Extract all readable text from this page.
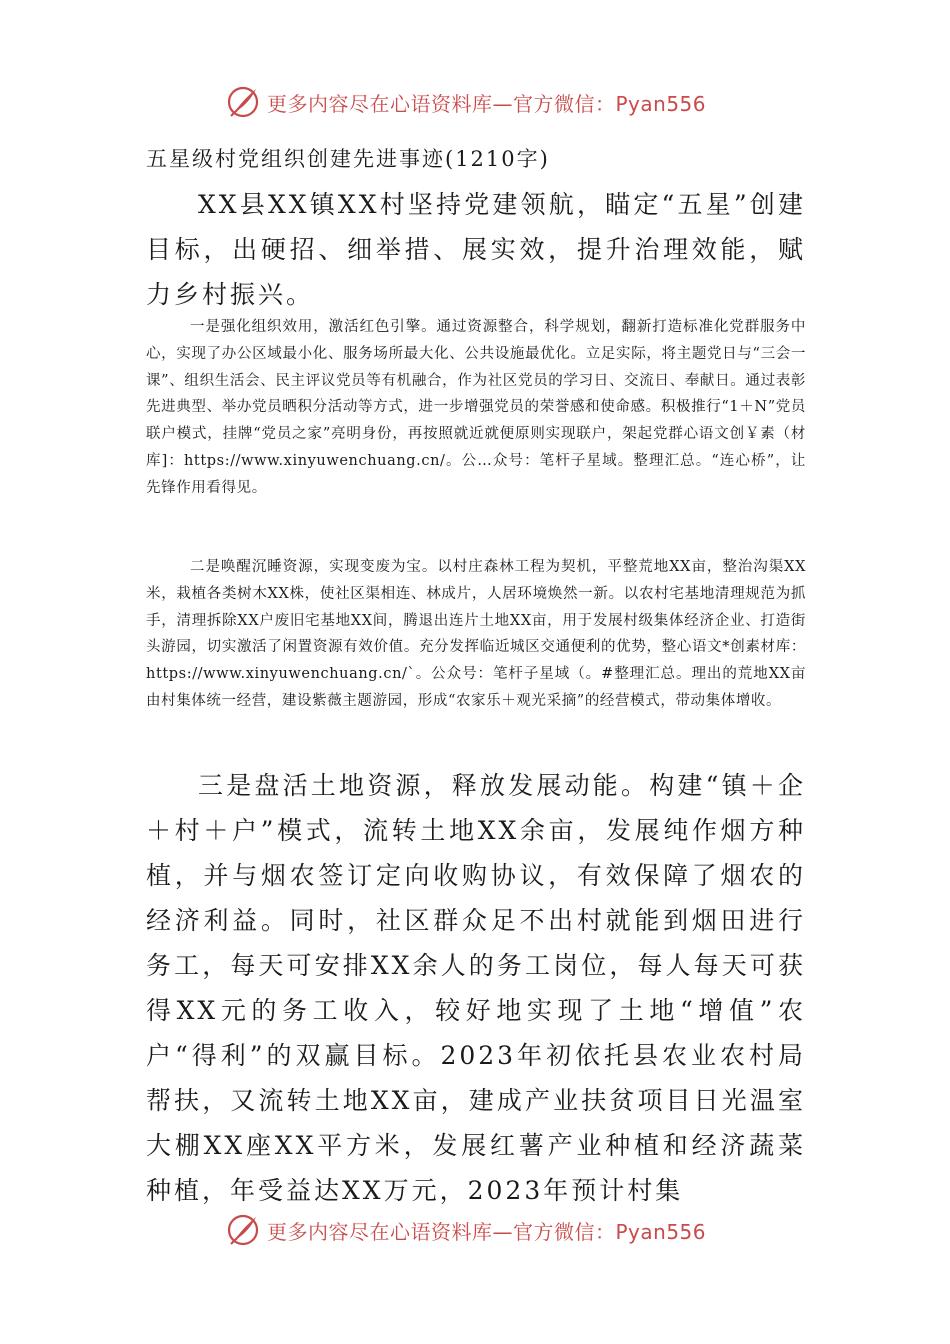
更多内容尽在心语资料库—官方微信：Pyan556
五星级村党组织创建先进事迹(1210字)

XX县XX镇XX村坚持党建领航，瞄定“五星”创建目标，出硬招、细举措、展实效，提升治理效能，赋力乡村振兴。

一是强化组织效用，激活红色引擎。通过资源整合，科学规划，翻新打造标准化党群服务中心，实现了办公区域最小化、服务场所最大化、公共设施最优化。立足实际，将主题党日与“三会一课”、组织生活会、民主评议党员等有机融合，作为社区党员的学习日、交流日、奉献日。通过表彰先进典型、举办党员晒积分活动等方式，进一步增强党员的荣誉感和使命感。积极推行“1＋N”党员联户模式，挂牌“党员之家”亮明身份，再按照就近就便原则实现联户，架起党群心语文创￥素（材库]：https://www.xinyuwenchuang.cn/。公…众号：笔杆子星域。整理汇总。“连心桥”，让先锋作用看得见。

二是唤醒沉睡资源，实现变废为宝。以村庄森林工程为契机，平整荒地XX亩，整治沟渠XX米，栽植各类树木XX株，使社区渠相连、林成片，人居环境焕然一新。以农村宅基地清理规范为抓手，清理拆除XX户废旧宅基地XX间，腾退出连片土地XX亩，用于发展村级集体经济企业、打造街头游园，切实激活了闲置资源有效价值。充分发挥临近城区交通便利的优势，整心语文*创素材库：https://www.xinyuwenchuang.cn/`。公众号：笔杆子星域（。#整理汇总。理出的荒地XX亩由村集体统一经营，建设紫薇主题游园，形成“农家乐＋观光采摘”的经营模式，带动集体增收。

三是盘活土地资源，释放发展动能。构建“镇＋企＋村＋户”模式，流转土地XX余亩，发展纯作烟方种植，并与烟农签订定向收购协议，有效保障了烟农的经济利益。同时，社区群众足不出村就能到烟田进行务工，每天可安排XX余人的务工岗位，每人每天可获得XX元的务工收入，较好地实现了土地“增值”农户“得利”的双赢目标。2023年初依托县农业农村局帮扶，又流转土地XX亩，建成产业扶贫项目日光温室大棚XX座XX平方米，发展红薯产业种植和经济蔬菜种植，年受益达XX万元，2023年预计村集

更多内容尽在心语资料库—官方微信：Pyan556
